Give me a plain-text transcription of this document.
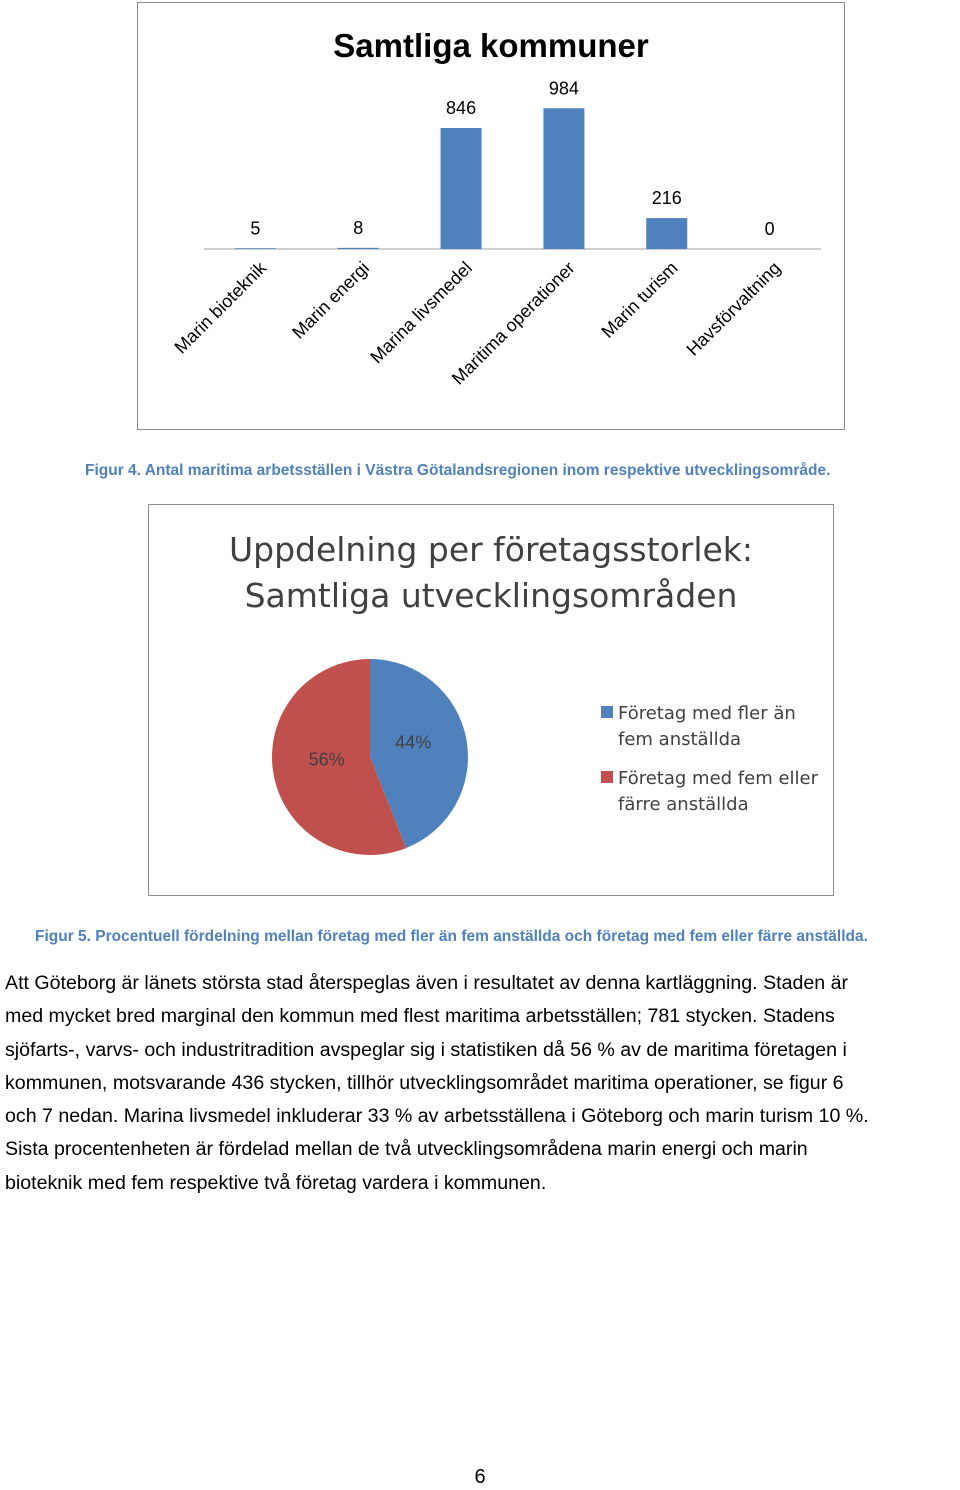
Samtliga kommuner
5
Marin bioteknik
8
Marin energi
846
Marina livsmedel
984
Maritima operationer
216
Marin turism
0
Havsförvaltning
Figur 4. Antal maritima arbetsställen i Västra Götalandsregionen inom respektive utvecklingsområde.
Uppdelning per företagsstorlek:
Samtliga utvecklingsområden
44%
56%
Företag med fler än
fem anställda
Företag med fem eller
färre anställda
Figur 5. Procentuell fördelning mellan företag med fler än fem anställda och företag med fem eller färre anställda.
Att Göteborg är länets största stad återspeglas även i resultatet av denna kartläggning. Staden är
med mycket bred marginal den kommun med flest maritima arbetsställen; 781 stycken. Stadens
sjöfarts-, varvs- och industritradition avspeglar sig i statistiken då 56 % av de maritima företagen i
kommunen, motsvarande 436 stycken, tillhör utvecklingsområdet maritima operationer, se figur 6
och 7 nedan. Marina livsmedel inkluderar 33 % av arbetsställena i Göteborg och marin turism 10 %.
Sista procentenheten är fördelad mellan de två utvecklingsområdena marin energi och marin
bioteknik med fem respektive två företag vardera i kommunen.
6
